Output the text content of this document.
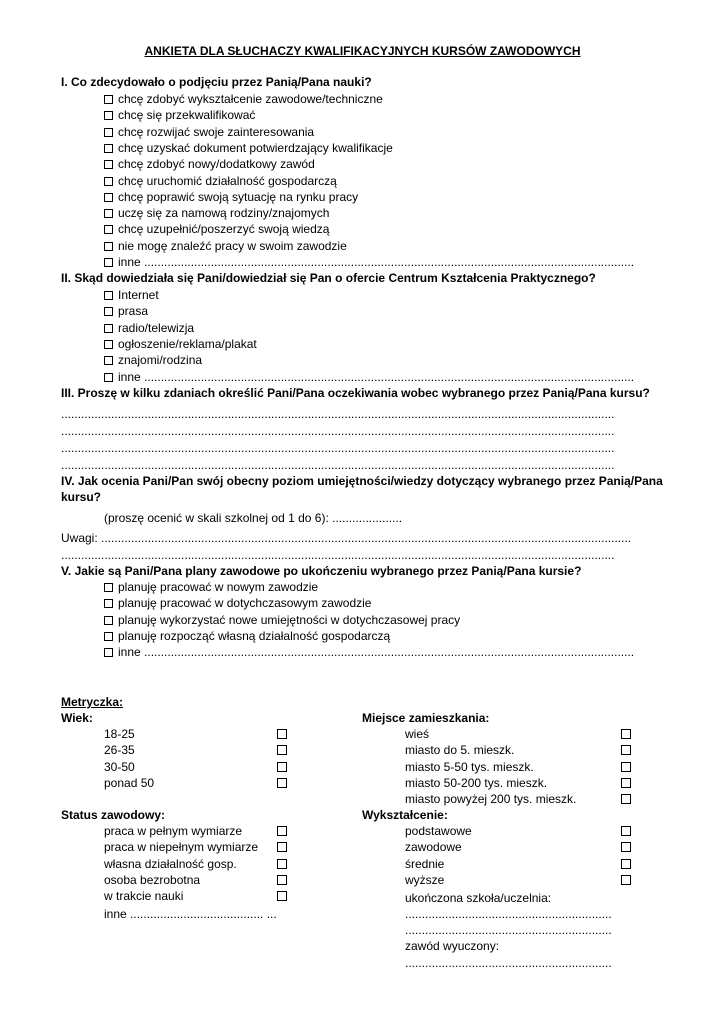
ANKIETA DLA SŁUCHACZY KWALIFIKACYJNYCH KURSÓW ZAWODOWYCH
I. Co zdecydowało o podjęciu przez Panią/Pana nauki?
chcę zdobyć wykształcenie zawodowe/techniczne
chcę się przekwalifikować
chcę rozwijać swoje zainteresowania
chcę uzyskać dokument potwierdzający kwalifikacje
chcę zdobyć nowy/dodatkowy zawód
chcę uruchomić działalność gospodarczą
chcę poprawić swoją sytuację na rynku pracy
uczę się za namową rodziny/znajomych
chcę uzupełnić/poszerzyć swoją wiedzą
nie mogę znaleźć pracy w swoim zawodzie
inne ...................................................................................................................................................
II. Skąd dowiedziała się Pani/dowiedział się Pan o ofercie Centrum Kształcenia Praktycznego?
Internet
prasa
radio/telewizja
ogłoszenie/reklama/plakat
znajomi/rodzina
inne ...................................................................................................................................................
III. Proszę w kilku zdaniach określić Pani/Pana oczekiwania wobec wybranego przez Panią/Pana kursu?
......................................................................................................................................................................
......................................................................................................................................................................
......................................................................................................................................................................
......................................................................................................................................................................
IV. Jak ocenia Pani/Pan swój obecny poziom umiejętności/wiedzy dotyczący wybranego przez Panią/Pana
kursu?
(proszę ocenić w skali szkolnej od 1 do 6): .....................
Uwagi: ...............................................................................................................................................................
......................................................................................................................................................................
V. Jakie są Pani/Pana plany zawodowe po ukończeniu wybranego przez Panią/Pana kursie?
planuję pracować w nowym zawodzie
planuję pracować w dotychczasowym zawodzie
planuję wykorzystać nowe umiejętności w dotychczasowej pracy
planuję rozpocząć własną działalność gospodarczą
inne ...................................................................................................................................................
Metryczka:
Wiek:
18-25
26-35
30-50
ponad 50
Status zawodowy:
praca w pełnym wymiarze
praca w niepełnym wymiarze
własna działalność gosp.
osoba bezrobotna
w trakcie nauki
inne ........................................ ...
Miejsce zamieszkania:
wieś
miasto do 5. mieszk.
miasto 5-50 tys. mieszk.
miasto 50-200 tys. mieszk.
miasto powyżej 200 tys. mieszk.
Wykształcenie:
podstawowe
zawodowe
średnie
wyższe
ukończona szkoła/uczelnia:
..............................................................
..............................................................
zawód wyuczony:
..............................................................
